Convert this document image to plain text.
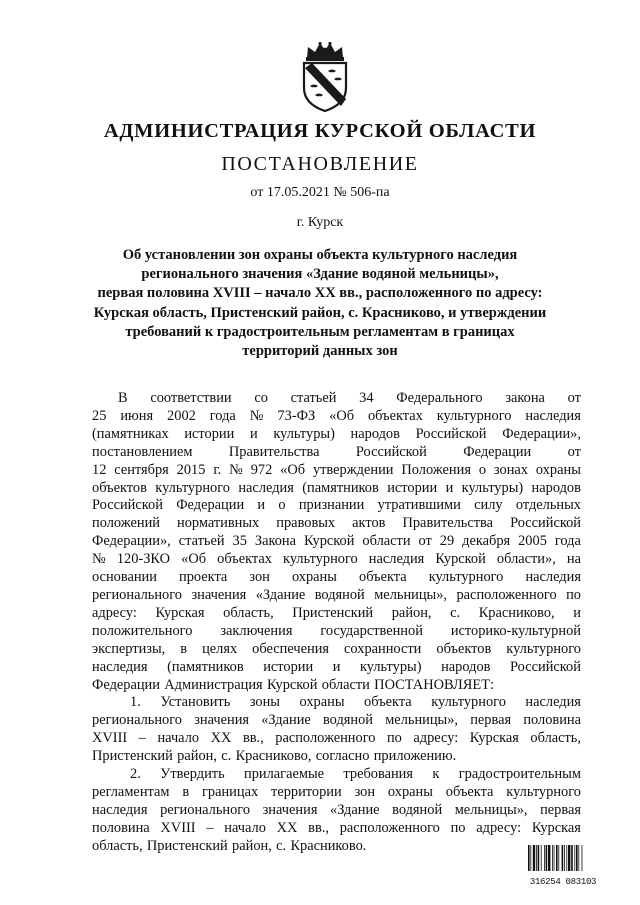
АДМИНИСТРАЦИЯ КУРСКОЙ ОБЛАСТИ
ПОСТАНОВЛЕНИЕ
от 17.05.2021 № 506-па
г. Курск
Об установлении зон охраны объекта культурного наследия
регионального значения «Здание водяной мельницы»,
первая половина XVIII – начало XX вв., расположенного по адресу:
Курская область, Пристенский район, с. Красниково, и утверждении
требований к градостроительным регламентам в границах
территорий данных зон
В соответствии со статьей 34 Федерального закона от
25 июня 2002 года № 73-ФЗ «Об объектах культурного наследия
(памятниках истории и культуры) народов Российской Федерации»,
постановлением	Правительства	Российской	Федерации	от
12 сентября 2015 г. № 972 «Об утверждении Положения о зонах охраны
объектов культурного наследия (памятников истории и культуры) народов
Российской Федерации и о признании утратившими силу отдельных
положений нормативных правовых актов Правительства Российской
Федерации», статьей 35 Закона Курской области от 29 декабря 2005 года
№ 120-ЗКО «Об объектах культурного наследия Курской области», на
основании проекта зон охраны объекта культурного наследия
регионального значения «Здание водяной мельницы», расположенного по
адресу: Курская область, Пристенский район, с. Красниково, и
положительного заключения государственной историко-культурной
экспертизы, в целях обеспечения сохранности объектов культурного
наследия (памятников истории и культуры) народов Российской
Федерации Администрация Курской области ПОСТАНОВЛЯЕТ:
1. Установить зоны охраны объекта культурного наследия
регионального значения «Здание водяной мельницы», первая половина
XVIII – начало XX вв., расположенного по адресу: Курская область,
Пристенский район, с. Красниково, согласно приложению.
2. Утвердить прилагаемые требования к градостроительным
регламентам в границах территории зон охраны объекта культурного
наследия регионального значения «Здание водяной мельницы», первая
половина XVIII – начало XX вв., расположенного по адресу: Курская
область, Пристенский район, с. Красниково.
316254 083103
